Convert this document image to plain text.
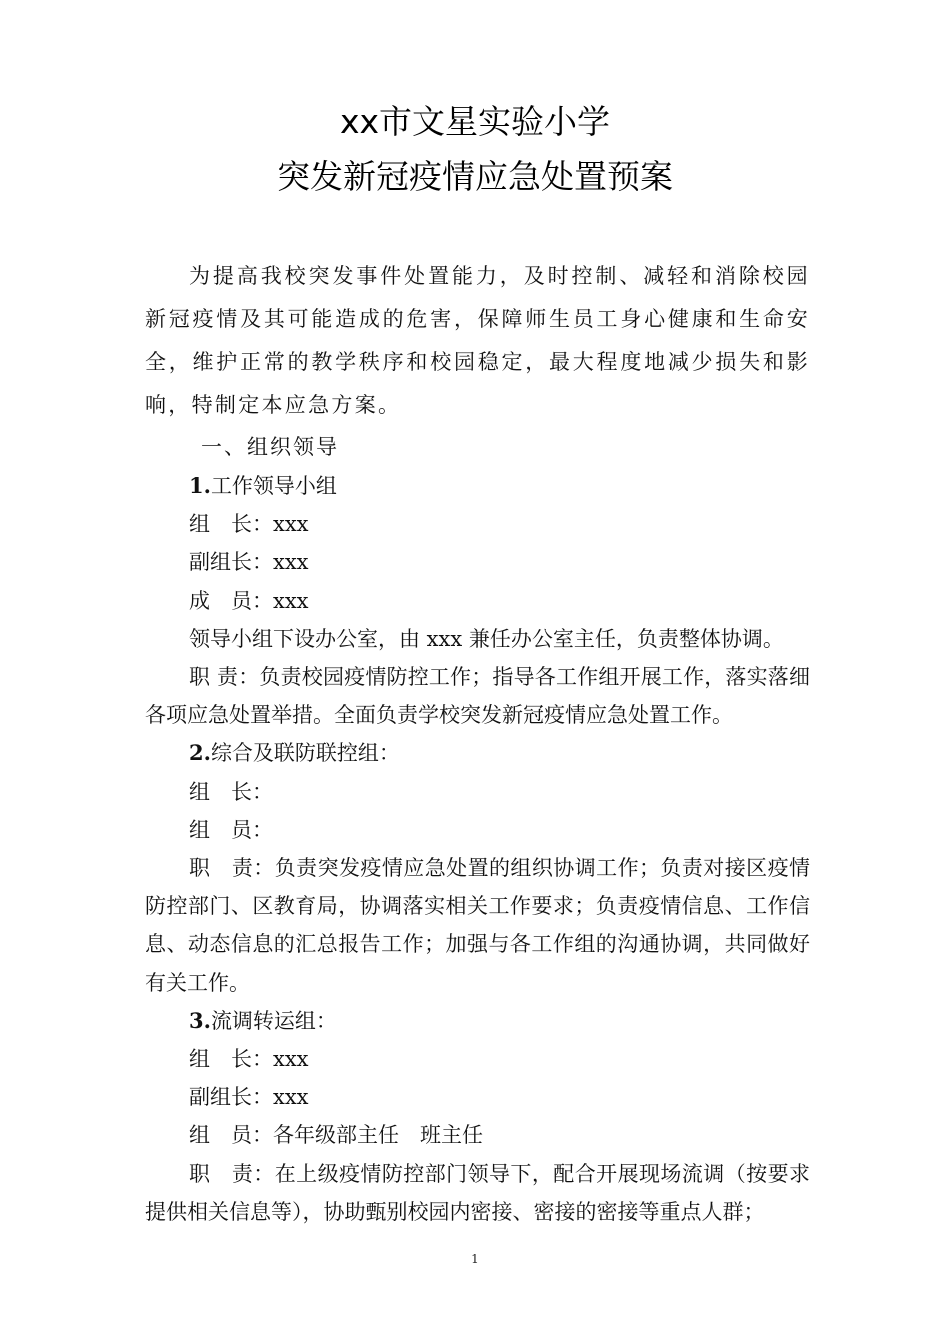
xx市文星实验小学
突发新冠疫情应急处置预案

为提高我校突发事件处置能力，及时控制、减轻和消除校园新冠疫情及其可能造成的危害，保障师生员工身心健康和生命安全，维护正常的教学秩序和校园稳定，最大程度地减少损失和影响，特制定本应急方案。

一、组织领导

1.工作领导小组

组　长：xxx

副组长：xxx

成　员：xxx

领导小组下设办公室，由 xxx 兼任办公室主任，负责整体协调。

职 责：负责校园疫情防控工作；指导各工作组开展工作，落实落细各项应急处置举措。全面负责学校突发新冠疫情应急处置工作。

2.综合及联防联控组：

组　长：

组　员：

职　责：负责突发疫情应急处置的组织协调工作；负责对接区疫情防控部门、区教育局，协调落实相关工作要求；负责疫情信息、工作信息、动态信息的汇总报告工作；加强与各工作组的沟通协调，共同做好有关工作。

3.流调转运组：

组　长：xxx

副组长：xxx

组　员：各年级部主任　班主任

职　责：在上级疫情防控部门领导下，配合开展现场流调（按要求提供相关信息等），协助甄别校园内密接、密接的密接等重点人群；

1
